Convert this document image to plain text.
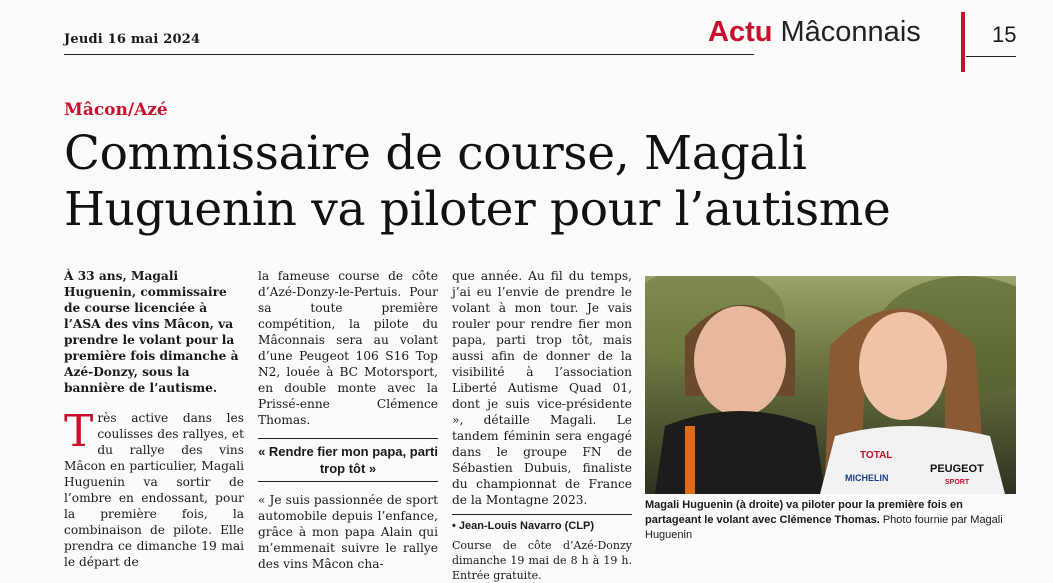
Jeudi 16 mai 2024	Actu Mâconnais	15
Mâcon/Azé
Commissaire de course, Magali Huguenin va piloter pour l’autisme
À 33 ans, Magali Huguenin, commissaire de course licenciée à l’ASA des vins Mâcon, va prendre le volant pour la première fois dimanche à Azé-Donzy, sous la bannière de l’autisme.
T rès active dans les coulisses des rallyes, et du rallye des vins Mâcon en particulier, Magali Huguenin va sortir de l’ombre en endossant, pour la première fois, la combinaison de pilote. Elle prendra ce dimanche 19 mai le départ de
la fameuse course de côte d’Azé-Donzy-le-Pertuis. Pour sa toute première compétition, la pilote du Mâconnais sera au volant d’une Peugeot 106 S16 Top N2, louée à BC Motorsport, en double monte avec la Prissé-enne Clémence Thomas.
« Rendre fier mon papa, parti trop tôt »
« Je suis passionnée de sport automobile depuis l’enfance, grâce à mon papa Alain qui m’emmenait suivre le rallye des vins Mâcon cha-
que année. Au fil du temps, j’ai eu l’envie de prendre le volant à mon tour. Je vais rouler pour rendre fier mon papa, parti trop tôt, mais aussi afin de donner de la visibilité à l’association Liberté Autisme Quad 01, dont je suis vice-présidente », détaille Magali. Le tandem féminin sera engagé dans le groupe FN de Sébastien Dubuis, finaliste du championnat de France de la Montagne 2023.
• Jean-Louis Navarro (CLP)
Course de côte d’Azé-Donzy dimanche 19 mai de 8 h à 19 h. Entrée gratuite.
TOTAL
MICHELIN
PEUGEOT
SPORT
Magali Huguenin (à droite) va piloter pour la première fois en partageant le volant avec Clémence Thomas. Photo fournie par Magali Huguenin
